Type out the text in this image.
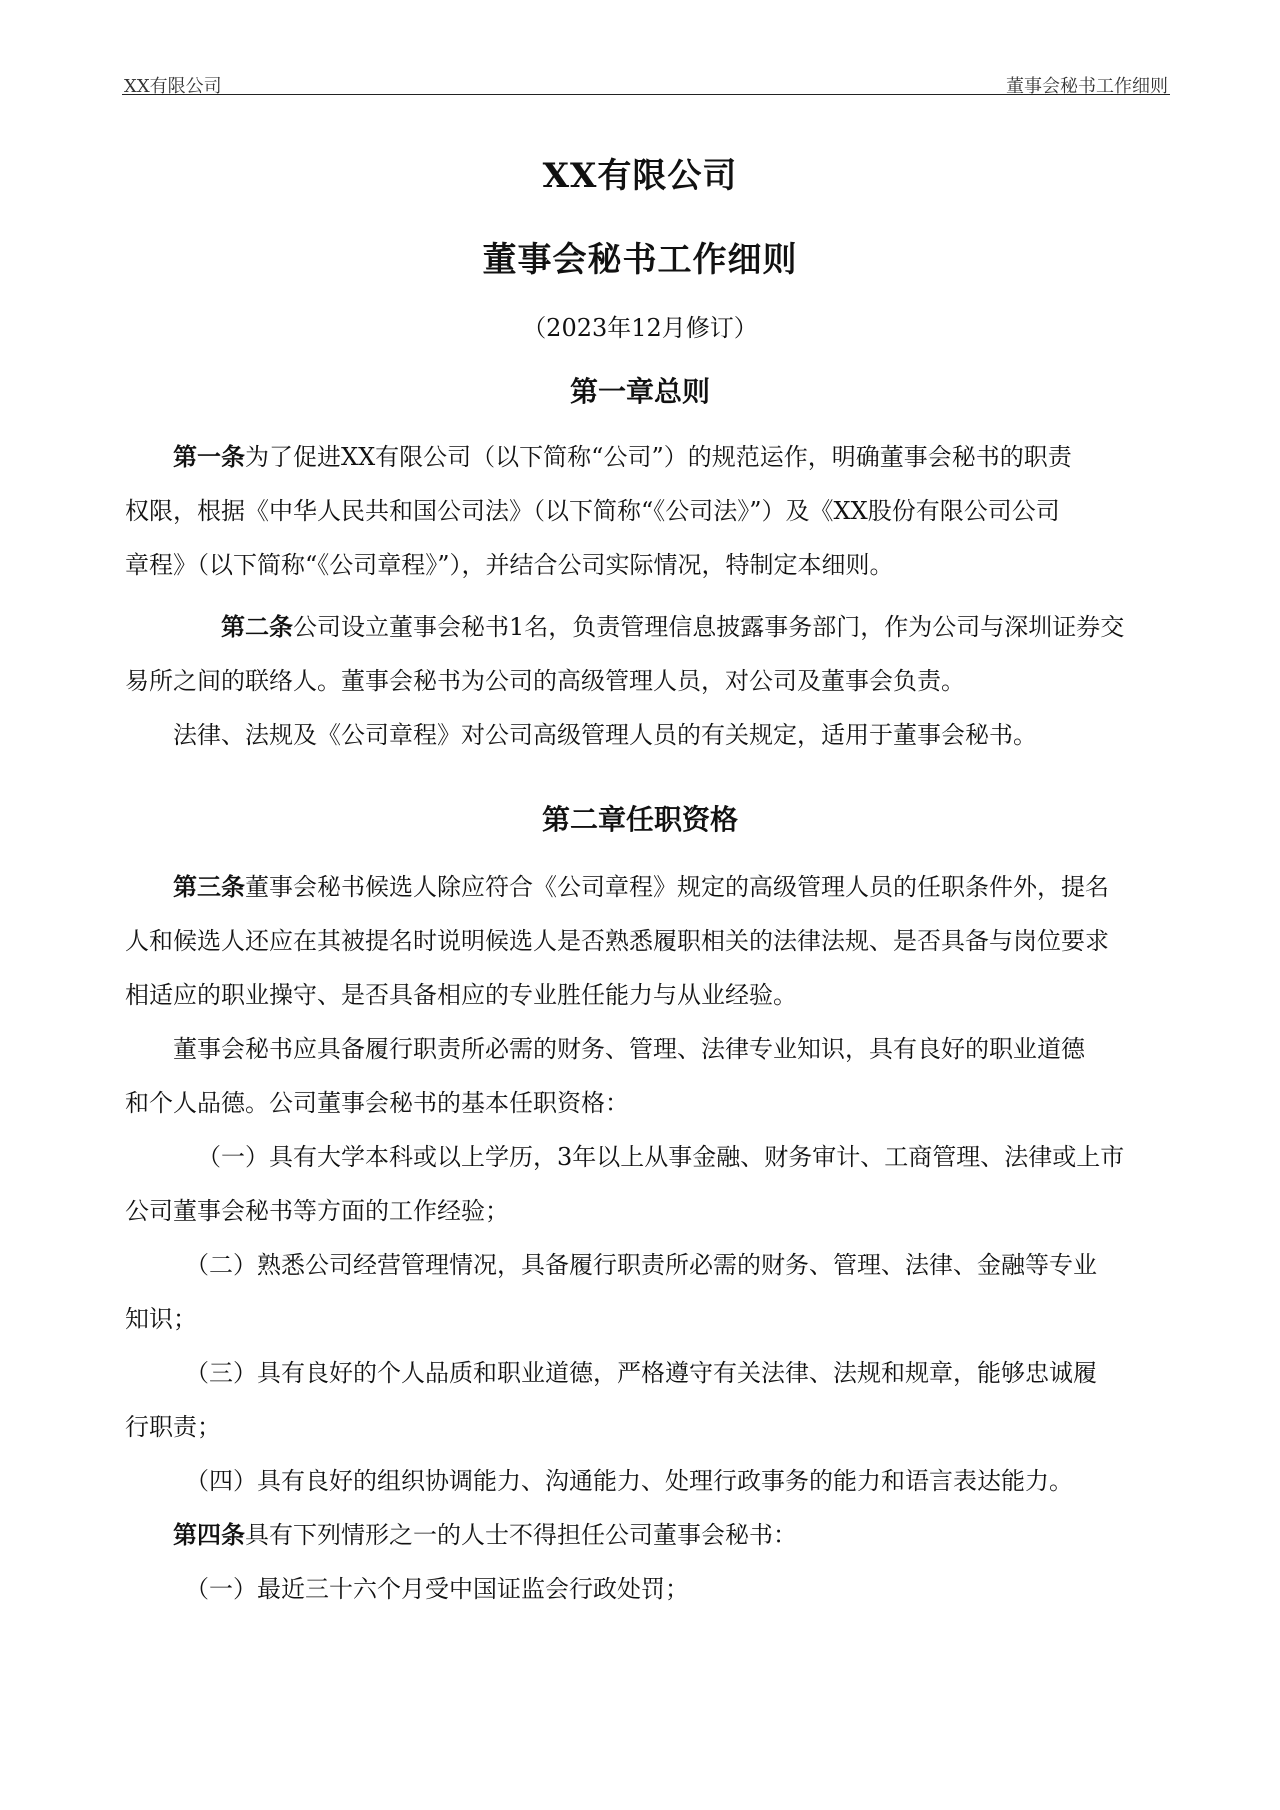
XX有限公司	董事会秘书工作细则
XX有限公司
董事会秘书工作细则
（2023年12月修订）
第一章总则
第一条为了促进XX有限公司（以下简称“公司”）的规范运作，明确董事会秘书的职责
权限，根据《中华人民共和国公司法》（以下简称“《公司法》”）及《XX股份有限公司公司
章程》（以下简称“《公司章程》”），并结合公司实际情况，特制定本细则。
第二条公司设立董事会秘书1名，负责管理信息披露事务部门，作为公司与深圳证券交
易所之间的联络人。董事会秘书为公司的高级管理人员，对公司及董事会负责。
法律、法规及《公司章程》对公司高级管理人员的有关规定，适用于董事会秘书。
第二章任职资格
第三条董事会秘书候选人除应符合《公司章程》规定的高级管理人员的任职条件外，提名
人和候选人还应在其被提名时说明候选人是否熟悉履职相关的法律法规、是否具备与岗位要求
相适应的职业操守、是否具备相应的专业胜任能力与从业经验。
董事会秘书应具备履行职责所必需的财务、管理、法律专业知识，具有良好的职业道德
和个人品德。公司董事会秘书的基本任职资格：
（一）具有大学本科或以上学历，3年以上从事金融、财务审计、工商管理、法律或上市
公司董事会秘书等方面的工作经验；
（二）熟悉公司经营管理情况，具备履行职责所必需的财务、管理、法律、金融等专业
知识；
（三）具有良好的个人品质和职业道德，严格遵守有关法律、法规和规章，能够忠诚履
行职责；
（四）具有良好的组织协调能力、沟通能力、处理行政事务的能力和语言表达能力。
第四条具有下列情形之一的人士不得担任公司董事会秘书：
（一）最近三十六个月受中国证监会行政处罚；
